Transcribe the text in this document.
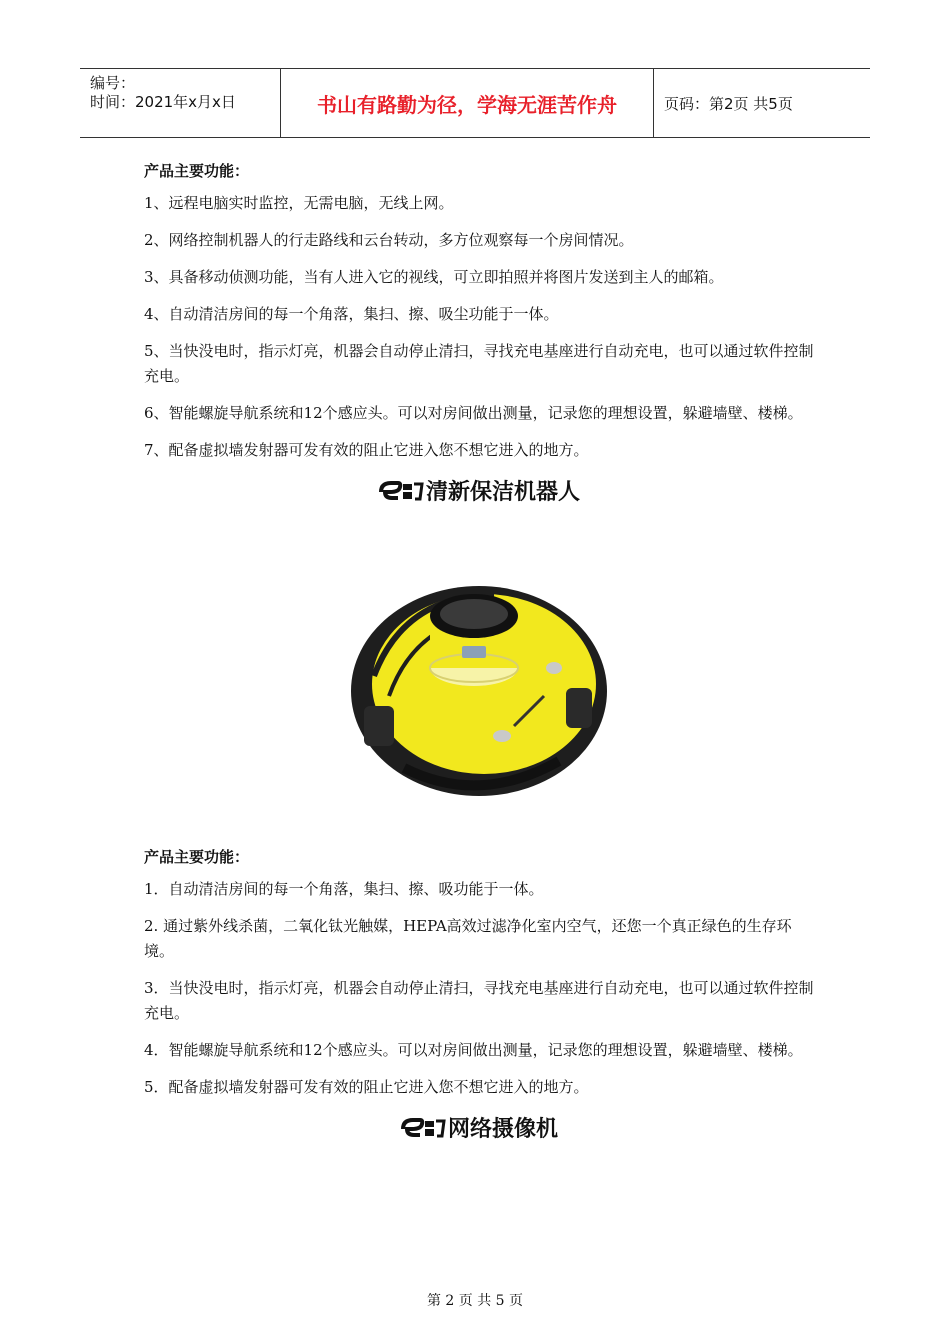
编号：
时间：2021年x月x日	书山有路勤为径，学海无涯苦作舟	页码：第2页 共5页
产品主要功能：
1、远程电脑实时监控，无需电脑，无线上网。
2、网络控制机器人的行走路线和云台转动，多方位观察每一个房间情况。
3、具备移动侦测功能，当有人进入它的视线，可立即拍照并将图片发送到主人的邮箱。
4、自动清洁房间的每一个角落，集扫、擦、吸尘功能于一体。
5、当快没电时，指示灯亮，机器会自动停止清扫，寻找充电基座进行自动充电，也可以通过软件控制充电。
6、智能螺旋导航系统和12个感应头。可以对房间做出测量，记录您的理想设置，躲避墙壁、楼梯。
7、配备虚拟墙发射器可发有效的阻止它进入您不想它进入的地方。
清新保洁机器人
产品主要功能：
1．自动清洁房间的每一个角落，集扫、擦、吸功能于一体。
2. 通过紫外线杀菌，二氧化钛光触媒，HEPA高效过滤净化室内空气，还您一个真正绿色的生存环境。
3．当快没电时，指示灯亮，机器会自动停止清扫，寻找充电基座进行自动充电，也可以通过软件控制充电。
4．智能螺旋导航系统和12个感应头。可以对房间做出测量，记录您的理想设置，躲避墙壁、楼梯。
5．配备虚拟墙发射器可发有效的阻止它进入您不想它进入的地方。
网络摄像机
第 2 页 共 5 页
